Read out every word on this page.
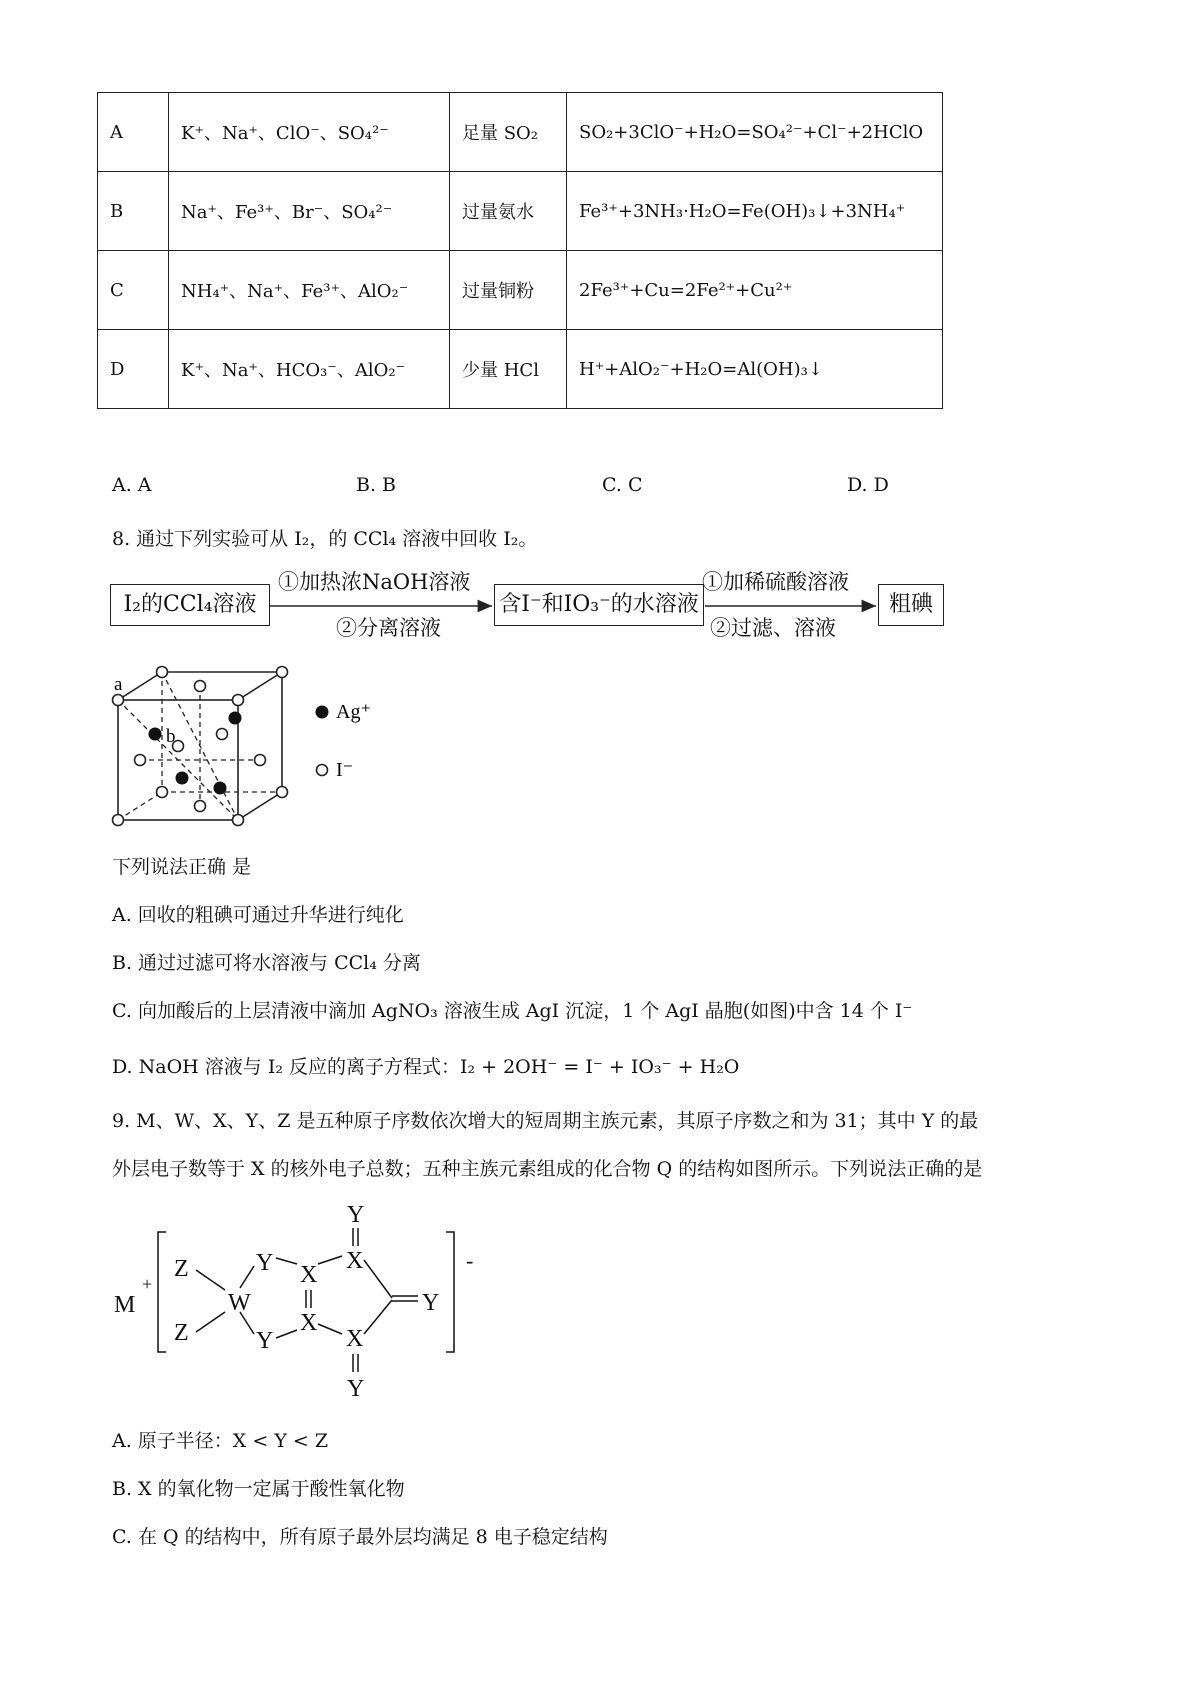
A	K⁺、Na⁺、ClO⁻、SO₄²⁻	足量 SO₂	SO₂+3ClO⁻+H₂O=SO₄²⁻+Cl⁻+2HClO
B	Na⁺、Fe³⁺、Br⁻、SO₄²⁻	过量氨水	Fe³⁺+3NH₃·H₂O=Fe(OH)₃↓+3NH₄⁺
C	NH₄⁺、Na⁺、Fe³⁺、AlO₂⁻	过量铜粉	2Fe³⁺+Cu=2Fe²⁺+Cu²⁺
D	K⁺、Na⁺、HCO₃⁻、AlO₂⁻	少量 HCl	H⁺+AlO₂⁻+H₂O=Al(OH)₃↓
A. A	B. B	C. C	D. D
8. 通过下列实验可从 I₂，的 CCl₄ 溶液中回收 I₂。
I₂的CCl₄溶液
①加热浓NaOH溶液
②分离溶液
含I⁻和IO₃⁻的水溶液
①加稀硫酸溶液
②过滤、溶液
粗碘
a
b
Ag⁺
I⁻
下列说法正确 是
A. 回收的粗碘可通过升华进行纯化
B. 通过过滤可将水溶液与 CCl₄ 分离
C. 向加酸后的上层清液中滴加 AgNO₃ 溶液生成 AgI 沉淀，1 个 AgI 晶胞(如图)中含 14 个 I⁻
D. NaOH 溶液与 I₂ 反应的离子方程式：I₂ + 2OH⁻ = I⁻ + IO₃⁻ + H₂O
9. M、W、X、Y、Z 是五种原子序数依次增大的短周期主族元素，其原子序数之和为 31；其中 Y 的最
外层电子数等于 X 的核外电子总数；五种主族元素组成的化合物 Q 的结构如图所示。下列说法正确的是
M
+
Z
Z
W
Y
Y
X
X
X
X
Y
Y
Y
-
A. 原子半径：X < Y < Z
B. X 的氧化物一定属于酸性氧化物
C. 在 Q 的结构中，所有原子最外层均满足 8 电子稳定结构
